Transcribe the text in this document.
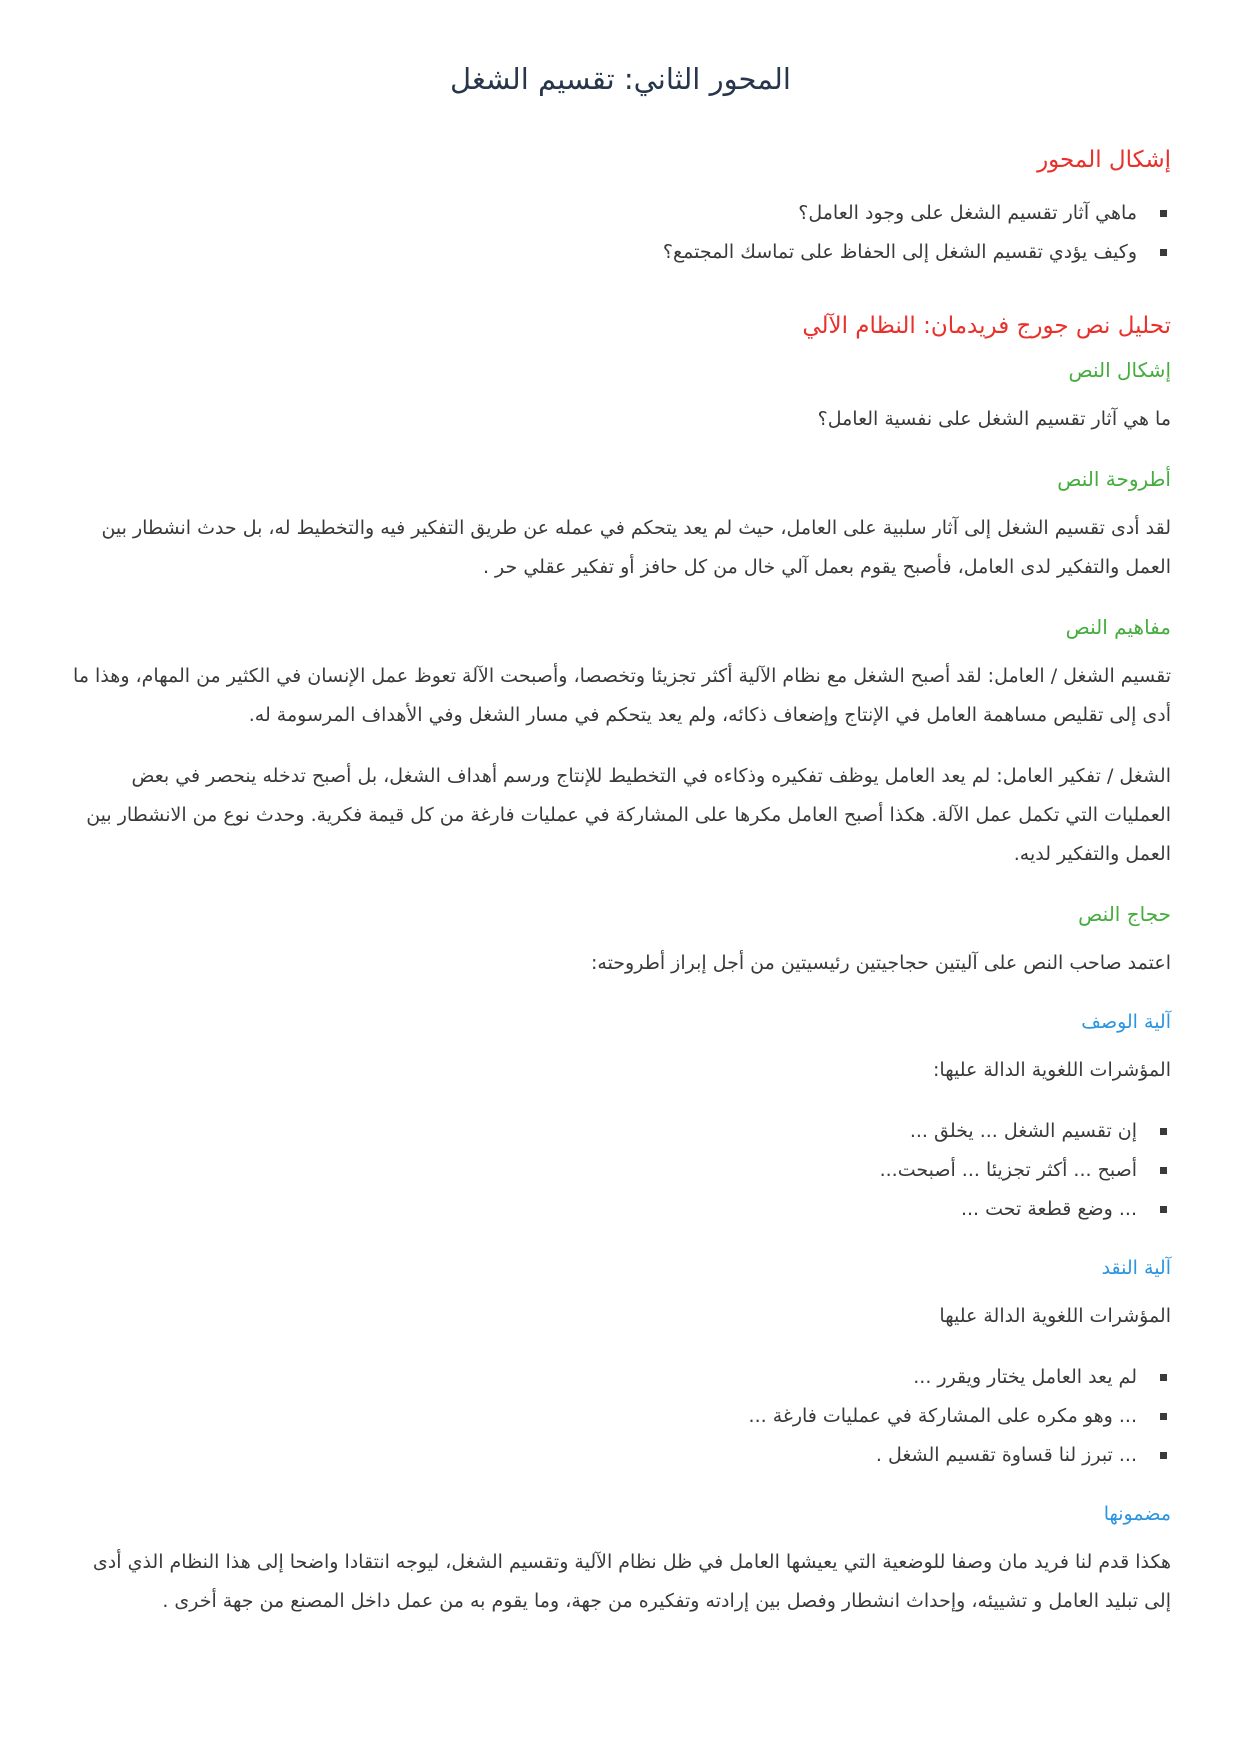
المحور الثاني: تقسيم الشغل
إشكال المحور
ماهي آثار تقسيم الشغل على وجود العامل؟
وكيف يؤدي تقسيم الشغل إلى الحفاظ على تماسك المجتمع؟
تحليل نص جورج فريدمان: النظام الآلي
إشكال النص

ما هي آثار تقسيم الشغل على نفسية العامل؟

أطروحة النص

لقد أدى تقسيم الشغل إلى آثار سلبية على العامل، حيث لم يعد يتحكم في عمله عن طريق التفكير فيه والتخطيط له، بل حدث انشطار بين العمل والتفكير لدى العامل، فأصبح يقوم بعمل آلي خال من كل حافز أو تفكير عقلي حر .

مفاهيم النص

تقسيم الشغل / العامل: لقد أصبح الشغل مع نظام الآلية أكثر تجزيئا وتخصصا، وأصبحت الآلة تعوظ عمل الإنسان في الكثير من المهام، وهذا ما أدى إلى تقليص مساهمة العامل في الإنتاج وإضعاف ذكائه، ولم يعد يتحكم في مسار الشغل وفي الأهداف المرسومة له.

الشغل / تفكير العامل: لم يعد العامل يوظف تفكيره وذكاءه في التخطيط للإنتاج ورسم أهداف الشغل، بل أصبح تدخله ينحصر في بعض العمليات التي تكمل عمل الآلة. هكذا أصبح العامل مكرها على المشاركة في عمليات فارغة من كل قيمة فكرية. وحدث نوع من الانشطار بين العمل والتفكير لديه.

حجاج النص

اعتمد صاحب النص على آليتين حجاجيتين رئيسيتين من أجل إبراز أطروحته:

آلية الوصف

المؤشرات اللغوية الدالة عليها:

إن تقسيم الشغل ... يخلق ...
أصبح ... أكثر تجزيئا ... أصبحت...
... وضع قطعة تحت ...
آلية النقد

المؤشرات اللغوية الدالة عليها

لم يعد العامل يختار ويقرر ...
... وهو مكره على المشاركة في عمليات فارغة ...
... تبرز لنا قساوة تقسيم الشغل .
مضمونها

هكذا قدم لنا فريد مان وصفا للوضعية التي يعيشها العامل في ظل نظام الآلية وتقسيم الشغل، ليوجه انتقادا واضحا إلى هذا النظام الذي أدى إلى تبليد العامل و تشييئه، وإحداث انشطار وفصل بين إرادته وتفكيره من جهة، وما يقوم به من عمل داخل المصنع من جهة أخرى .
